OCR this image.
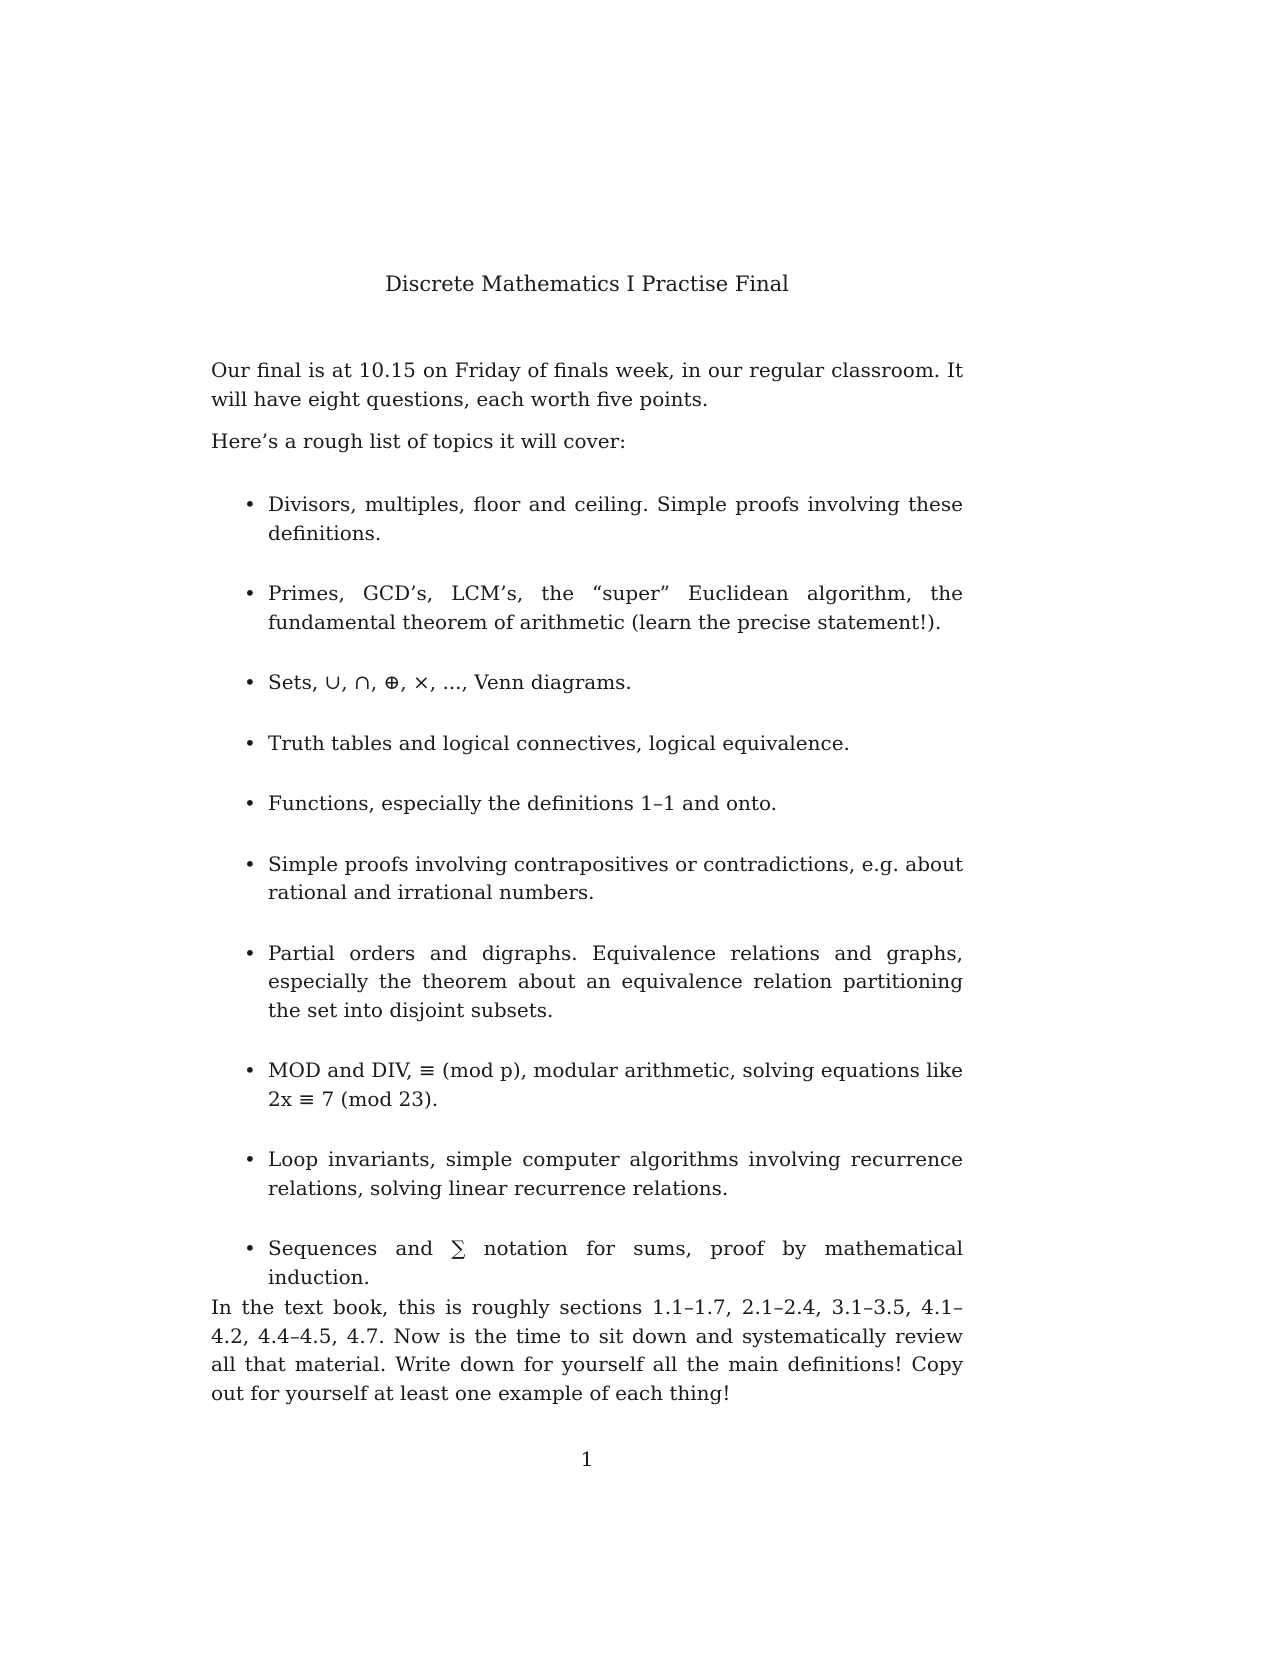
Discrete Mathematics I Practise Final

Our final is at 10.15 on Friday of finals week, in our regular classroom. It will have eight questions, each worth five points.

Here’s a rough list of topics it will cover:

• Divisors, multiples, floor and ceiling. Simple proofs involving these definitions.
• Primes, GCD’s, LCM’s, the “super” Euclidean algorithm, the fundamental theorem of arithmetic (learn the precise statement!).
• Sets, ∪, ∩, ⊕, ×, ..., Venn diagrams.
• Truth tables and logical connectives, logical equivalence.
• Functions, especially the definitions 1–1 and onto.
• Simple proofs involving contrapositives or contradictions, e.g. about rational and irrational numbers.
• Partial orders and digraphs. Equivalence relations and graphs, especially the theorem about an equivalence relation partitioning the set into disjoint subsets.
• MOD and DIV, ≡ (mod p), modular arithmetic, solving equations like 2x ≡ 7 (mod 23).
• Loop invariants, simple computer algorithms involving recurrence relations, solving linear recurrence relations.
• Sequences and ∑ notation for sums, proof by mathematical induction.

In the text book, this is roughly sections 1.1–1.7, 2.1–2.4, 3.1–3.5, 4.1–4.2, 4.4–4.5, 4.7. Now is the time to sit down and systematically review all that material. Write down for yourself all the main definitions! Copy out for yourself at least one example of each thing!

1
